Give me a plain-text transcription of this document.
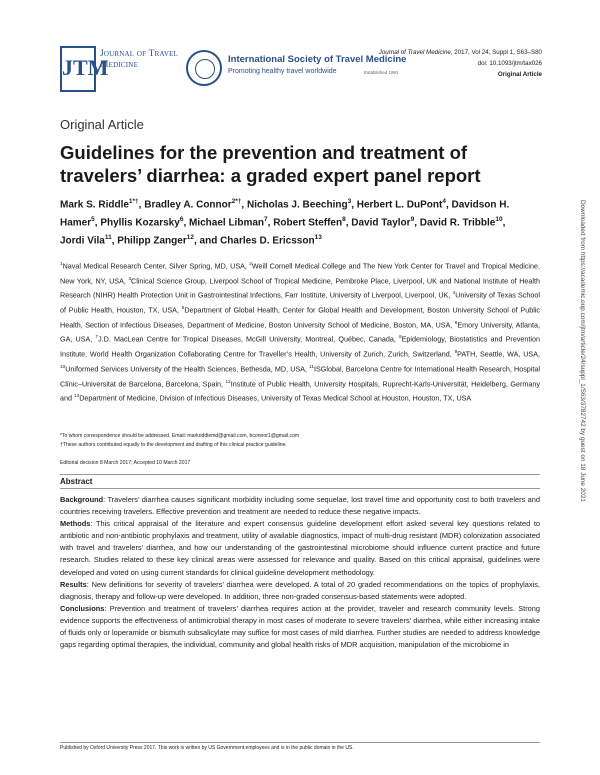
JTM
Journal of Travel Medicine	International Society of Travel Medicine
Promoting healthy travel worldwide	Established 1991
Journal of Travel Medicine, 2017, Vol 24, Suppl 1, S63–S80
doi: 10.1093/jtm/tax026
Original Article
Original Article
Guidelines for the prevention and treatment of travelers’ diarrhea: a graded expert panel report
Mark S. Riddle$^{1*\dagger}$, Bradley A. Connor$^{2*\dagger}$, Nicholas J. Beeching$^3$, Herbert L. DuPont$^4$, Davidson H. Hamer$^5$, Phyllis Kozarsky$^6$, Michael Libman$^7$, Robert Steffen$^8$, David Taylor$^9$, David R. Tribble$^{10}$, Jordi Vila$^{11}$, Philipp Zanger$^{12}$, and Charles D. Ericsson$^{13}$
$^1$Naval Medical Research Center, Silver Spring, MD, USA, $^2$Weill Cornell Medical College and The New York Center for Travel and Tropical Medicine, New York, NY, USA, $^3$Clinical Science Group, Liverpool School of Tropical Medicine, Pembroke Place, Liverpool, UK and National Institute of Health Research (NIHR) Health Protection Unit in Gastrointestinal Infections, Farr Institute, University of Liverpool, Liverpool, UK, $^4$University of Texas School of Public Health, Houston, TX, USA, $^5$Department of Global Health, Center for Global Health and Development, Boston University School of Public Health, Section of Infectious Diseases, Department of Medicine, Boston University School of Medicine, Boston, MA, USA, $^6$Emory University, Atlanta, GA, USA, $^7$J.D. MacLean Centre for Tropical Diseases, McGill University, Montreal, Québec, Canada, $^8$Epidemiology, Biostatistics and Prevention Institute, World Health Organization Collaborating Centre for Traveller’s Health, University of Zurich, Zurich, Switzerland, $^9$PATH, Seattle, WA, USA, $^{10}$Uniformed Services University of the Health Sciences, Bethesda, MD, USA, $^{11}$ISGlobal, Barcelona Centre for International Health Research, Hospital Clínic–Universitat de Barcelona, Barcelona, Spain, $^{12}$Institute of Public Health, University Hospitals, Ruprecht-Karls-Universität, Heidelberg, Germany and $^{13}$Department of Medicine, Division of Infectious Diseases, University of Texas Medical School at Houston, Houston, TX, USA
*To whom correspondence should be addressed. Email: markriddlemd@gmail.com, bconnor1@gmail.com
†These authors contributed equally to the development and drafting of this clinical practice guideline.
Editorial decision 8 March 2017; Accepted 10 March 2017
Abstract

Background: Travelers’ diarrhea causes significant morbidity including some sequelae, lost travel time and opportunity cost to both travelers and countries receiving travelers. Effective prevention and treatment are needed to reduce these negative impacts.

Methods: This critical appraisal of the literature and expert consensus guideline development effort asked several key questions related to antibiotic and non-antibiotic prophylaxis and treatment, utility of available diagnostics, impact of multi-drug resistant (MDR) colonization associated with travel and travelers’ diarrhea, and how our understanding of the gastrointestinal microbiome should influence current practice and future research. Studies related to these key clinical areas were assessed for relevance and quality. Based on this critical appraisal, guidelines were developed and voted on using current standards for clinical guideline development methodology.

Results: New definitions for severity of travelers’ diarrhea were developed. A total of 20 graded recommendations on the topics of prophylaxis, diagnosis, therapy and follow-up were developed. In addition, three non-graded consensus-based statements were adopted.

Conclusions: Prevention and treatment of travelers’ diarrhea requires action at the provider, traveler and research community levels. Strong evidence supports the effectiveness of antimicrobial therapy in most cases of moderate to severe travelers’ diarrhea, while either increasing intake of fluids only or loperamide or bismuth subsalicylate may suffice for most cases of mild diarrhea. Further studies are needed to address knowledge gaps regarding optimal therapies, the individual, community and global health risks of MDR acquisition, manipulation of the microbiome in

Published by Oxford University Press 2017. This work is written by US Government employees and is in the public domain in the US.
Downloaded from https://academic.oup.com/jtm/article/24/suppl_1/S63/3782742 by guest on 18 June 2021
